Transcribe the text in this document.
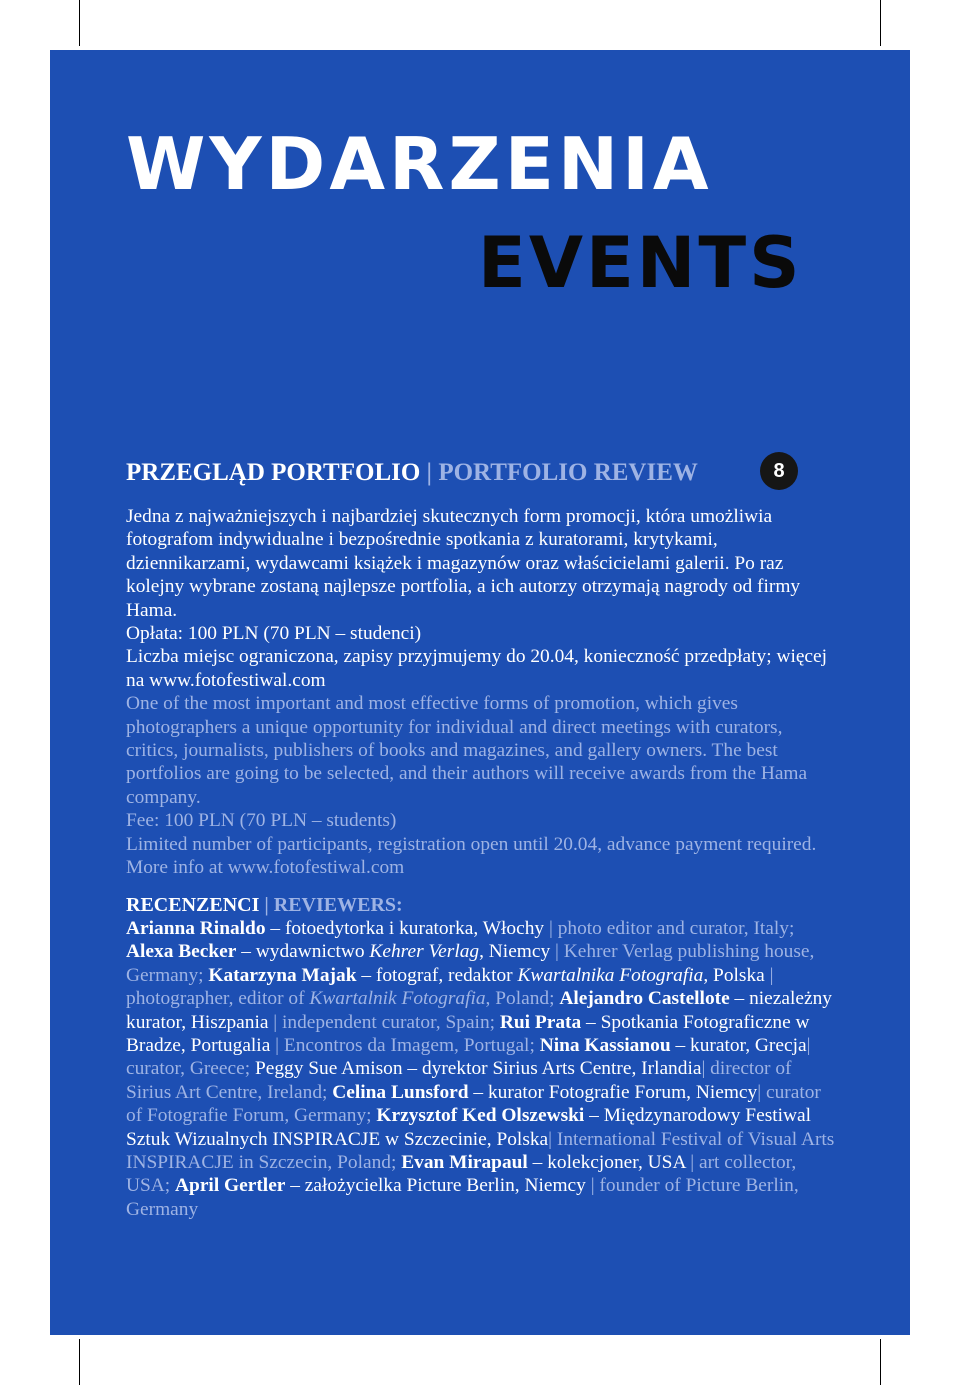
WYDARZENIA
EVENTS
PRZEGLĄD PORTFOLIO | PORTFOLIO REVIEW	8

Jedna z najważniejszych i najbardziej skutecznych form promocji, która umożliwia fotografom indywidualne i bezpośrednie spotkania z kuratorami, krytykami, dziennikarzami, wydawcami książek i magazynów oraz właścicielami galerii. Po raz kolejny wybrane zostaną najlepsze portfolia, a ich autorzy otrzymają nagrody od firmy Hama.

Opłata: 100 PLN (70 PLN – studenci)

Liczba miejsc ograniczona, zapisy przyjmujemy do 20.04, konieczność przedpłaty; więcej na www.fotofestiwal.com

One of the most important and most effective forms of promotion, which gives photographers a unique opportunity for individual and direct meetings with curators, critics, journalists, publishers of books and magazines, and gallery owners. The best portfolios are going to be selected, and their authors will receive awards from the Hama company.

Fee: 100 PLN (70 PLN – students)

Limited number of participants, registration open until 20.04, advance payment required. More info at www.fotofestiwal.com

RECENZENCI | REVIEWERS:

Arianna Rinaldo – fotoedytorka i kuratorka, Włochy | photo editor and curator, Italy; Alexa Becker – wydawnictwo Kehrer Verlag, Niemcy | Kehrer Verlag publishing house, Germany; Katarzyna Majak – fotograf, redaktor Kwartalnika Fotografia, Polska | photographer, editor of Kwartalnik Fotografia, Poland; Alejandro Castellote – niezależny kurator, Hiszpania | independent curator, Spain; Rui Prata – Spotkania Fotograficzne w Bradze, Portugalia | Encontros da Imagem, Portugal; Nina Kassianou – kurator, Grecja| curator, Greece; Peggy Sue Amison – dyrektor Sirius Arts Centre, Irlandia| director of Sirius Art Centre, Ireland; Celina Lunsford – kurator Fotografie Forum, Niemcy| curator of Fotografie Forum, Germany; Krzysztof Ked Olszewski – Międzynarodowy Festiwal Sztuk Wizualnych INSPIRACJE w Szczecinie, Polska| International Festival of Visual Arts INSPIRACJE in Szczecin, Poland; Evan Mirapaul – kolekcjoner, USA | art collector, USA; April Gertler – założycielka Picture Berlin, Niemcy | founder of Picture Berlin, Germany
